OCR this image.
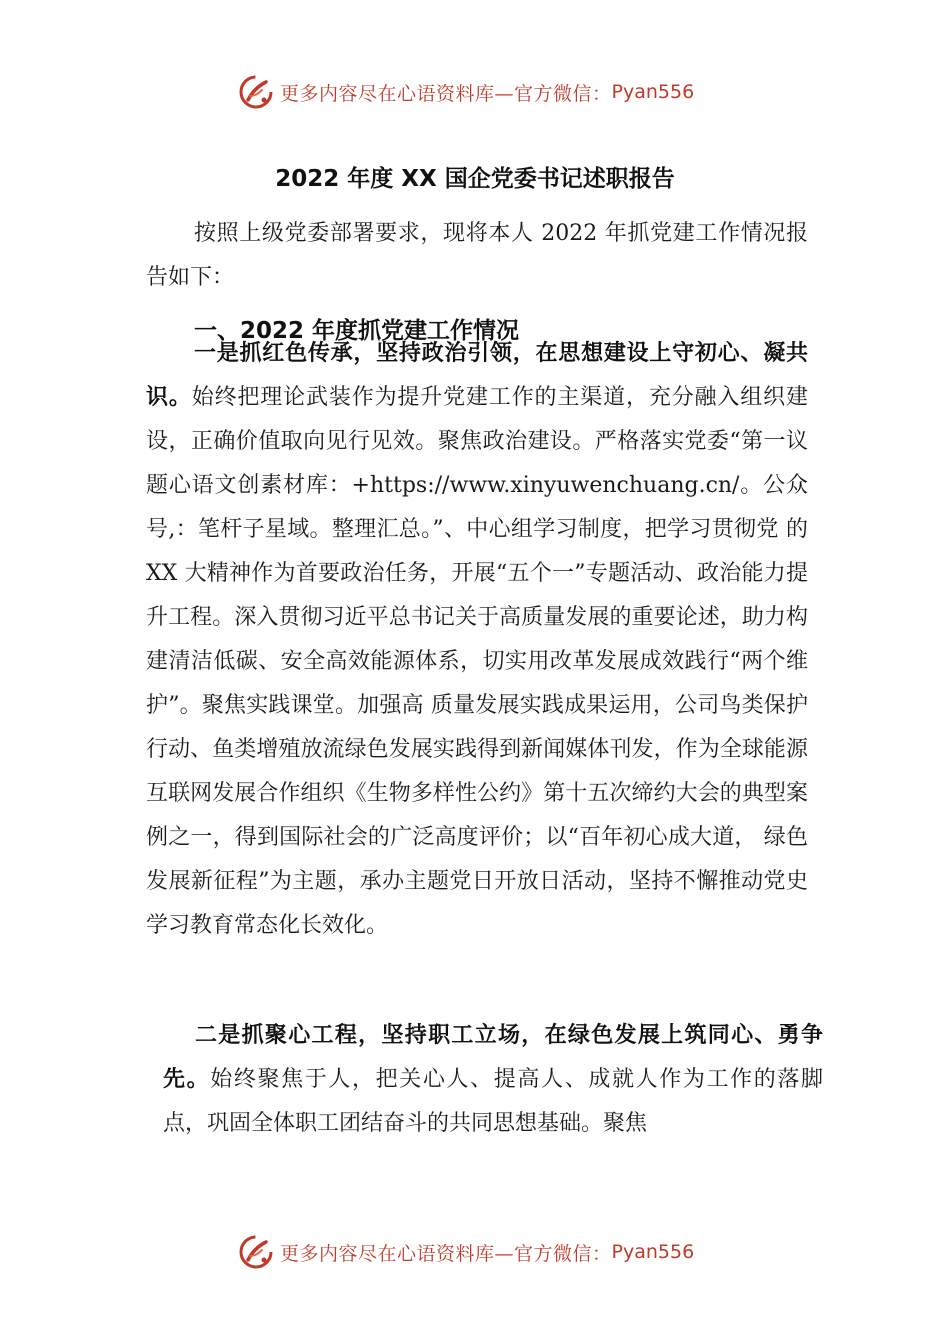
更多内容尽在心语资料库—官方微信： Pyan556
2022 年度 XX 国企党委书记述职报告

按照上级党委部署要求，现将本人 2022 年抓党建工作情况报告如下：

一是抓红色传承，坚持政治引领，在思想建设上守初心、凝共识。始终把理论武装作为提升党建工作的主渠道，充分融入组织建设，正确价值取向见行见效。聚焦政治建设。严格落实党委“第一议题心语文创素材库：+https://www.xinyuwenchuang.cn/。公众号,：笔杆子星域。整理汇总。”、中心组学习制度，把学习贯彻党 的 XX 大精神作为首要政治任务，开展“五个一”专题活动、政治能力提升工程。深入贯彻习近平总书记关于高质量发展的重要论述，助力构建清洁低碳、安全高效能源体系，切实用改革发展成效践行“两个维护”。聚焦实践课堂。加强高 质量发展实践成果运用，公司鸟类保护行动、鱼类增殖放流绿色发展实践得到新闻媒体刊发，作为全球能源互联网发展合作组织《生物多样性公约》第十五次缔约大会的典型案例之一，得到国际社会的广泛高度评价；以“百年初心成大道， 绿色发展新征程”为主题，承办主题党日开放日活动，坚持不懈推动党史学习教育常态化长效化。

一、2022 年度抓党建工作情况

二是抓聚心工程，坚持职工立场，在绿色发展上筑同心、勇争先。始终聚焦于人，把关心人、提高人、成就人作为工作的落脚点，巩固全体职工团结奋斗的共同思想基础。聚焦

更多内容尽在心语资料库—官方微信： Pyan556
